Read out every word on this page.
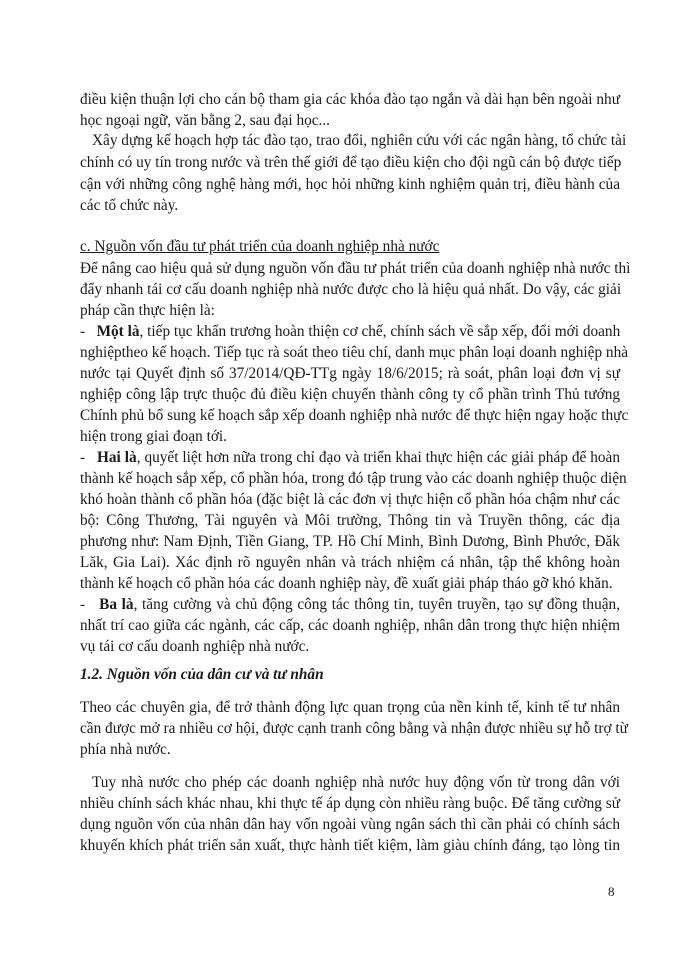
điều kiện thuận lợi cho cán bộ tham gia các khóa đào tạo ngắn và dài hạn bên ngoài như
học ngoại ngữ, văn bằng 2, sau đại học...
Xây dựng kế hoạch hợp tác đào tạo, trao đổi, nghiên cứu với các ngân hàng, tổ chức tài
chính có uy tín trong nước và trên thế giới để tạo điều kiện cho đội ngũ cán bộ được tiếp
cận với những công nghệ hàng mới, học hỏi những kinh nghiệm quản trị, điều hành của
các tổ chức này.
c. Nguồn vốn đầu tư phát triển của doanh nghiệp nhà nước
Để nâng cao hiệu quả sử dụng nguồn vốn đầu tư phát triển của doanh nghiệp nhà nước thì
đẩy nhanh tái cơ cấu doanh nghiệp nhà nước được cho là hiệu quả nhất. Do vậy, các giải
pháp cần thực hiện là:
- Một là, tiếp tục khẩn trương hoàn thiện cơ chế, chính sách về sắp xếp, đổi mới doanh
nghiệptheo kế hoạch. Tiếp tục rà soát theo tiêu chí, danh mục phân loại doanh nghiệp nhà
nước tại Quyết định số 37/2014/QĐ-TTg ngày 18/6/2015; rà soát, phân loại đơn vị sự
nghiệp công lập trực thuộc đủ điều kiện chuyển thành công ty cổ phần trình Thủ tướng
Chính phủ bổ sung kế hoạch sắp xếp doanh nghiệp nhà nước để thực hiện ngay hoặc thực
hiện trong giai đoạn tới.
- Hai là, quyết liệt hơn nữa trong chỉ đạo và triển khai thực hiện các giải pháp để hoàn
thành kế hoạch sắp xếp, cổ phần hóa, trong đó tập trung vào các doanh nghiệp thuộc diện
khó hoàn thành cổ phần hóa (đặc biệt là các đơn vị thực hiện cổ phần hóa chậm như các
bộ: Công Thương, Tài nguyên và Môi trường, Thông tin và Truyền thông, các địa
phương như: Nam Định, Tiền Giang, TP. Hồ Chí Minh, Bình Dương, Bình Phước, Đăk
Lăk, Gia Lai). Xác định rõ nguyên nhân và trách nhiệm cá nhân, tập thể không hoàn
thành kế hoạch cổ phần hóa các doanh nghiệp này, đề xuất giải pháp tháo gỡ khó khăn.
- Ba là, tăng cường và chủ động công tác thông tin, tuyên truyền, tạo sự đồng thuận,
nhất trí cao giữa các ngành, các cấp, các doanh nghiệp, nhân dân trong thực hiện nhiệm
vụ tái cơ cấu doanh nghiệp nhà nước.
1.2. Nguồn vốn của dân cư và tư nhân
Theo các chuyên gia, để trở thành động lực quan trọng của nền kinh tế, kinh tế tư nhân
cần được mở ra nhiều cơ hội, được cạnh tranh công bằng và nhận được nhiều sự hỗ trợ từ
phía nhà nước.
Tuy nhà nước cho phép các doanh nghiệp nhà nước huy động vốn từ trong dân với
nhiều chính sách khác nhau, khi thực tế áp dụng còn nhiều ràng buộc. Để tăng cường sử
dụng nguồn vốn của nhân dân hay vốn ngoài vùng ngân sách thì cần phải có chính sách
khuyến khích phát triển sản xuất, thực hành tiết kiệm, làm giàu chính đáng, tạo lòng tin
8
